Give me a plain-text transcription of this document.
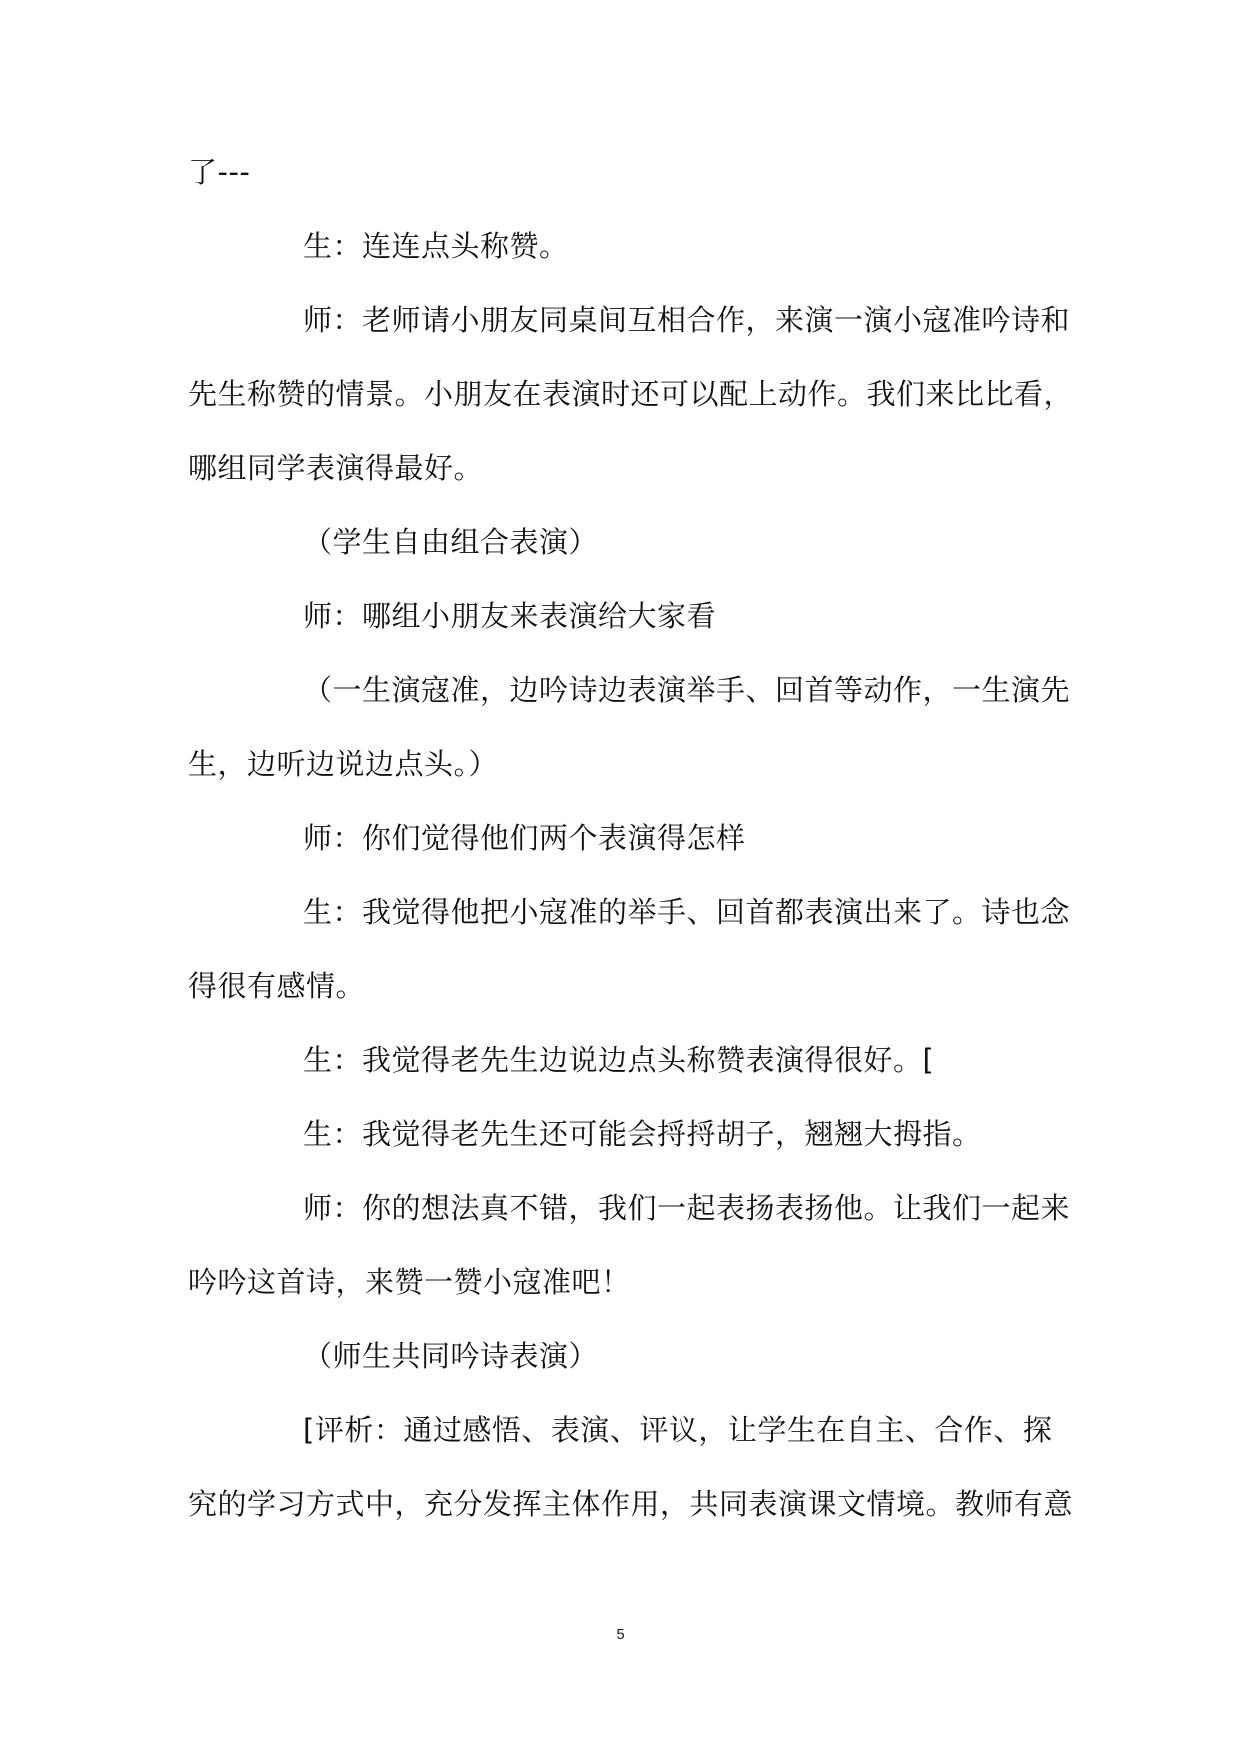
了---
生：连连点头称赞。
师：老师请小朋友同桌间互相合作，来演一演小寇准吟诗和
先生称赞的情景。小朋友在表演时还可以配上动作。我们来比比看，
哪组同学表演得最好。
（学生自由组合表演）
师：哪组小朋友来表演给大家看
（一生演寇准，边吟诗边表演举手、回首等动作，一生演先
生，边听边说边点头。）
师：你们觉得他们两个表演得怎样
生：我觉得他把小寇准的举手、回首都表演出来了。诗也念
得很有感情。
生：我觉得老先生边说边点头称赞表演得很好。[
生：我觉得老先生还可能会捋捋胡子，翘翘大拇指。
师：你的想法真不错，我们一起表扬表扬他。让我们一起来
吟吟这首诗，来赞一赞小寇准吧！
（师生共同吟诗表演）
[评析：通过感悟、表演、评议，让学生在自主、合作、探
究的学习方式中，充分发挥主体作用，共同表演课文情境。教师有意
5
